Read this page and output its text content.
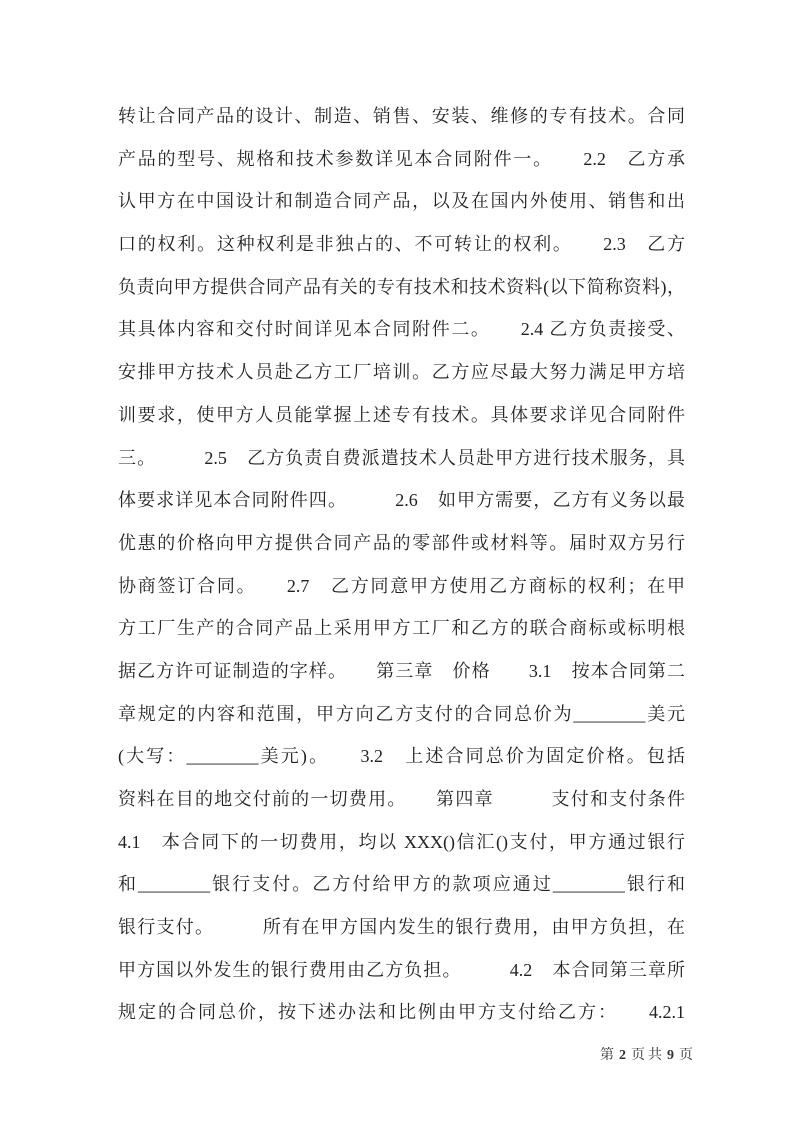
转让合同产品的设计、制造、销售、安装、维修的专有技术。合同
产品的型号、规格和技术参数详见本合同附件一。　　2.2　乙方承
认甲方在中国设计和制造合同产品，以及在国内外使用、销售和出
口的权利。这种权利是非独占的、不可转让的权利。　　2.3　乙方
负责向甲方提供合同产品有关的专有技术和技术资料(以下简称资料)，
其具体内容和交付时间详见本合同附件二。　　2.4 乙方负责接受、
安排甲方技术人员赴乙方工厂培训。乙方应尽最大努力满足甲方培
训要求，使甲方人员能掌握上述专有技术。具体要求详见合同附件
三。　　　2.5　乙方负责自费派遣技术人员赴甲方进行技术服务，具
体要求详见本合同附件四。　　　2.6　如甲方需要，乙方有义务以最
优惠的价格向甲方提供合同产品的零部件或材料等。届时双方另行
协商签订合同。　　2.7　乙方同意甲方使用乙方商标的权利；在甲
方工厂生产的合同产品上采用甲方工厂和乙方的联合商标或标明根
据乙方许可证制造的字样。　　第三章　价格　　3.1　按本合同第二
章规定的内容和范围，甲方向乙方支付的合同总价为________美元
(大写：________美元)。　　3.2　上述合同总价为固定价格。包括
资料在目的地交付前的一切费用。　　第四章　　　支付和支付条件
4.1　本合同下的一切费用，均以 XXX()信汇()支付，甲方通过银行
和________银行支付。乙方付给甲方的款项应通过________银行和
银行支付。　　　所有在甲方国内发生的银行费用，由甲方负担，在
甲方国以外发生的银行费用由乙方负担。　　　4.2　本合同第三章所
规定的合同总价，按下述办法和比例由甲方支付给乙方：　　4.2.1
第 2 页 共 9 页
